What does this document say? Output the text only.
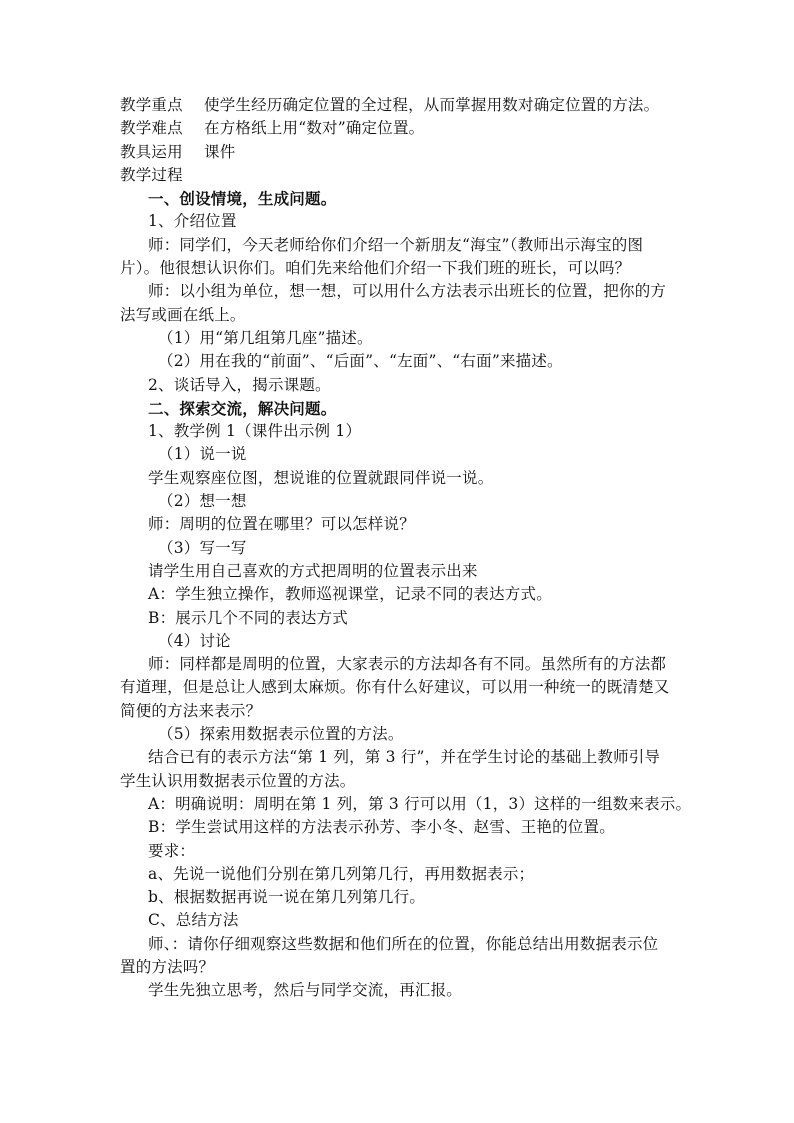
教学重点 使学生经历确定位置的全过程，从而掌握用数对确定位置的方法。
教学难点 在方格纸上用“数对”确定位置。
教具运用 课件
教学过程
一、创设情境，生成问题。
1、介绍位置
师：同学们，今天老师给你们介绍一个新朋友“海宝”（教师出示海宝的图
片）。他很想认识你们。咱们先来给他们介绍一下我们班的班长，可以吗？
师：以小组为单位，想一想，可以用什么方法表示出班长的位置，把你的方
法写或画在纸上。
（1）用“第几组第几座”描述。
（2）用在我的“前面”、“后面”、“左面”、“右面”来描述。
2、谈话导入，揭示课题。
二、探索交流，解决问题。
1、教学例 1（课件出示例 1）
（1）说一说
学生观察座位图，想说谁的位置就跟同伴说一说。
（2）想一想
师：周明的位置在哪里？可以怎样说？
（3）写一写
请学生用自己喜欢的方式把周明的位置表示出来
A：学生独立操作，教师巡视课堂，记录不同的表达方式。
B：展示几个不同的表达方式
（4）讨论
师：同样都是周明的位置，大家表示的方法却各有不同。虽然所有的方法都
有道理，但是总让人感到太麻烦。你有什么好建议，可以用一种统一的既清楚又
简便的方法来表示？
（5）探索用数据表示位置的方法。
结合已有的表示方法“第 1 列，第 3 行”，并在学生讨论的基础上教师引导
学生认识用数据表示位置的方法。
A：明确说明：周明在第 1 列，第 3 行可以用（1，3）这样的一组数来表示。
B：学生尝试用这样的方法表示孙芳、李小冬、赵雪、王艳的位置。
要求：
a、先说一说他们分别在第几列第几行，再用数据表示；
b、根据数据再说一说在第几列第几行。
C、总结方法
师、：请你仔细观察这些数据和他们所在的位置，你能总结出用数据表示位
置的方法吗？
学生先独立思考，然后与同学交流，再汇报。
